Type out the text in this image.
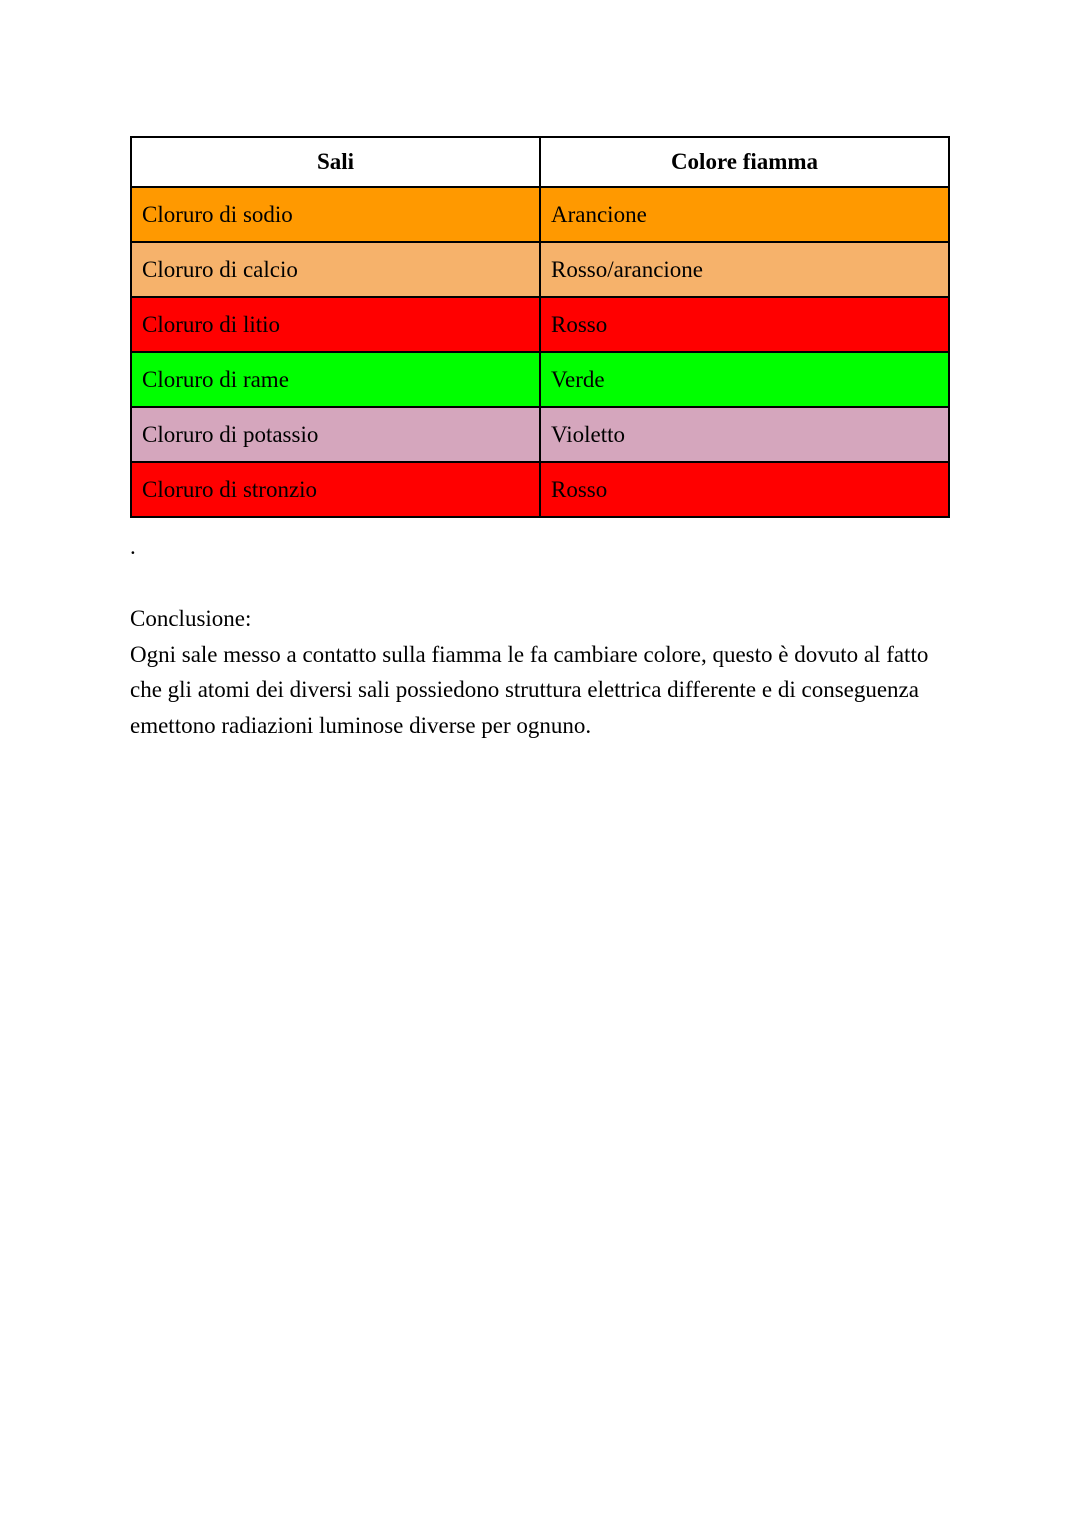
Sali	Colore fiamma
Cloruro di sodio	Arancione
Cloruro di calcio	Rosso/arancione
Cloruro di litio	Rosso
Cloruro di rame	Verde
Cloruro di potassio	Violetto
Cloruro di stronzio	Rosso
.

Conclusione:

Ogni sale messo a contatto sulla fiamma le fa cambiare colore, questo è dovuto al fatto che gli atomi dei diversi sali possiedono struttura elettrica differente e di conseguenza emettono radiazioni luminose diverse per ognuno.
